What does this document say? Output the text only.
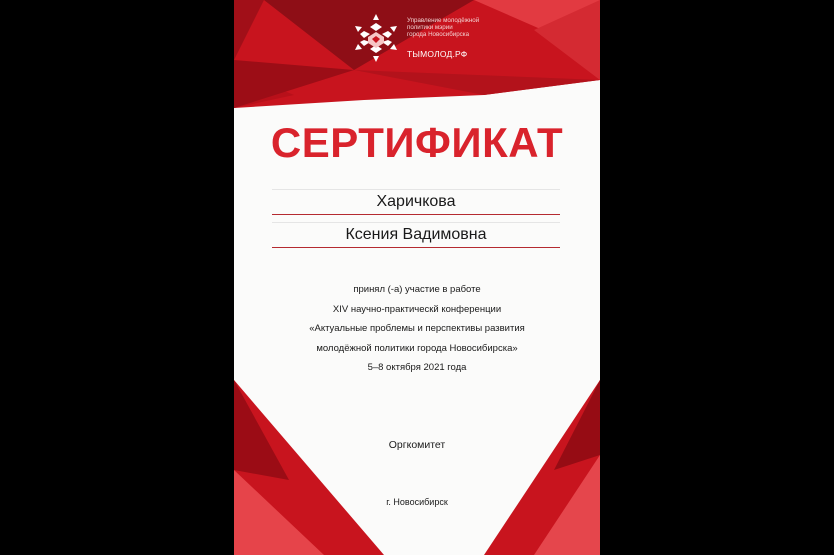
Управление молодёжной
политики мэрии
города Новосибирска
ТЫМОЛОД.РФ
СЕРТИФИКАТ
Харичкова
Ксения Вадимовна
принял (-а) участие в работе
XIV научно-практическй конференции
«Актуальные проблемы и перспективы развития
молодёжной политики города Новосибирска»
5–8 октября 2021 года
Оргкомитет
г. Новосибирск
